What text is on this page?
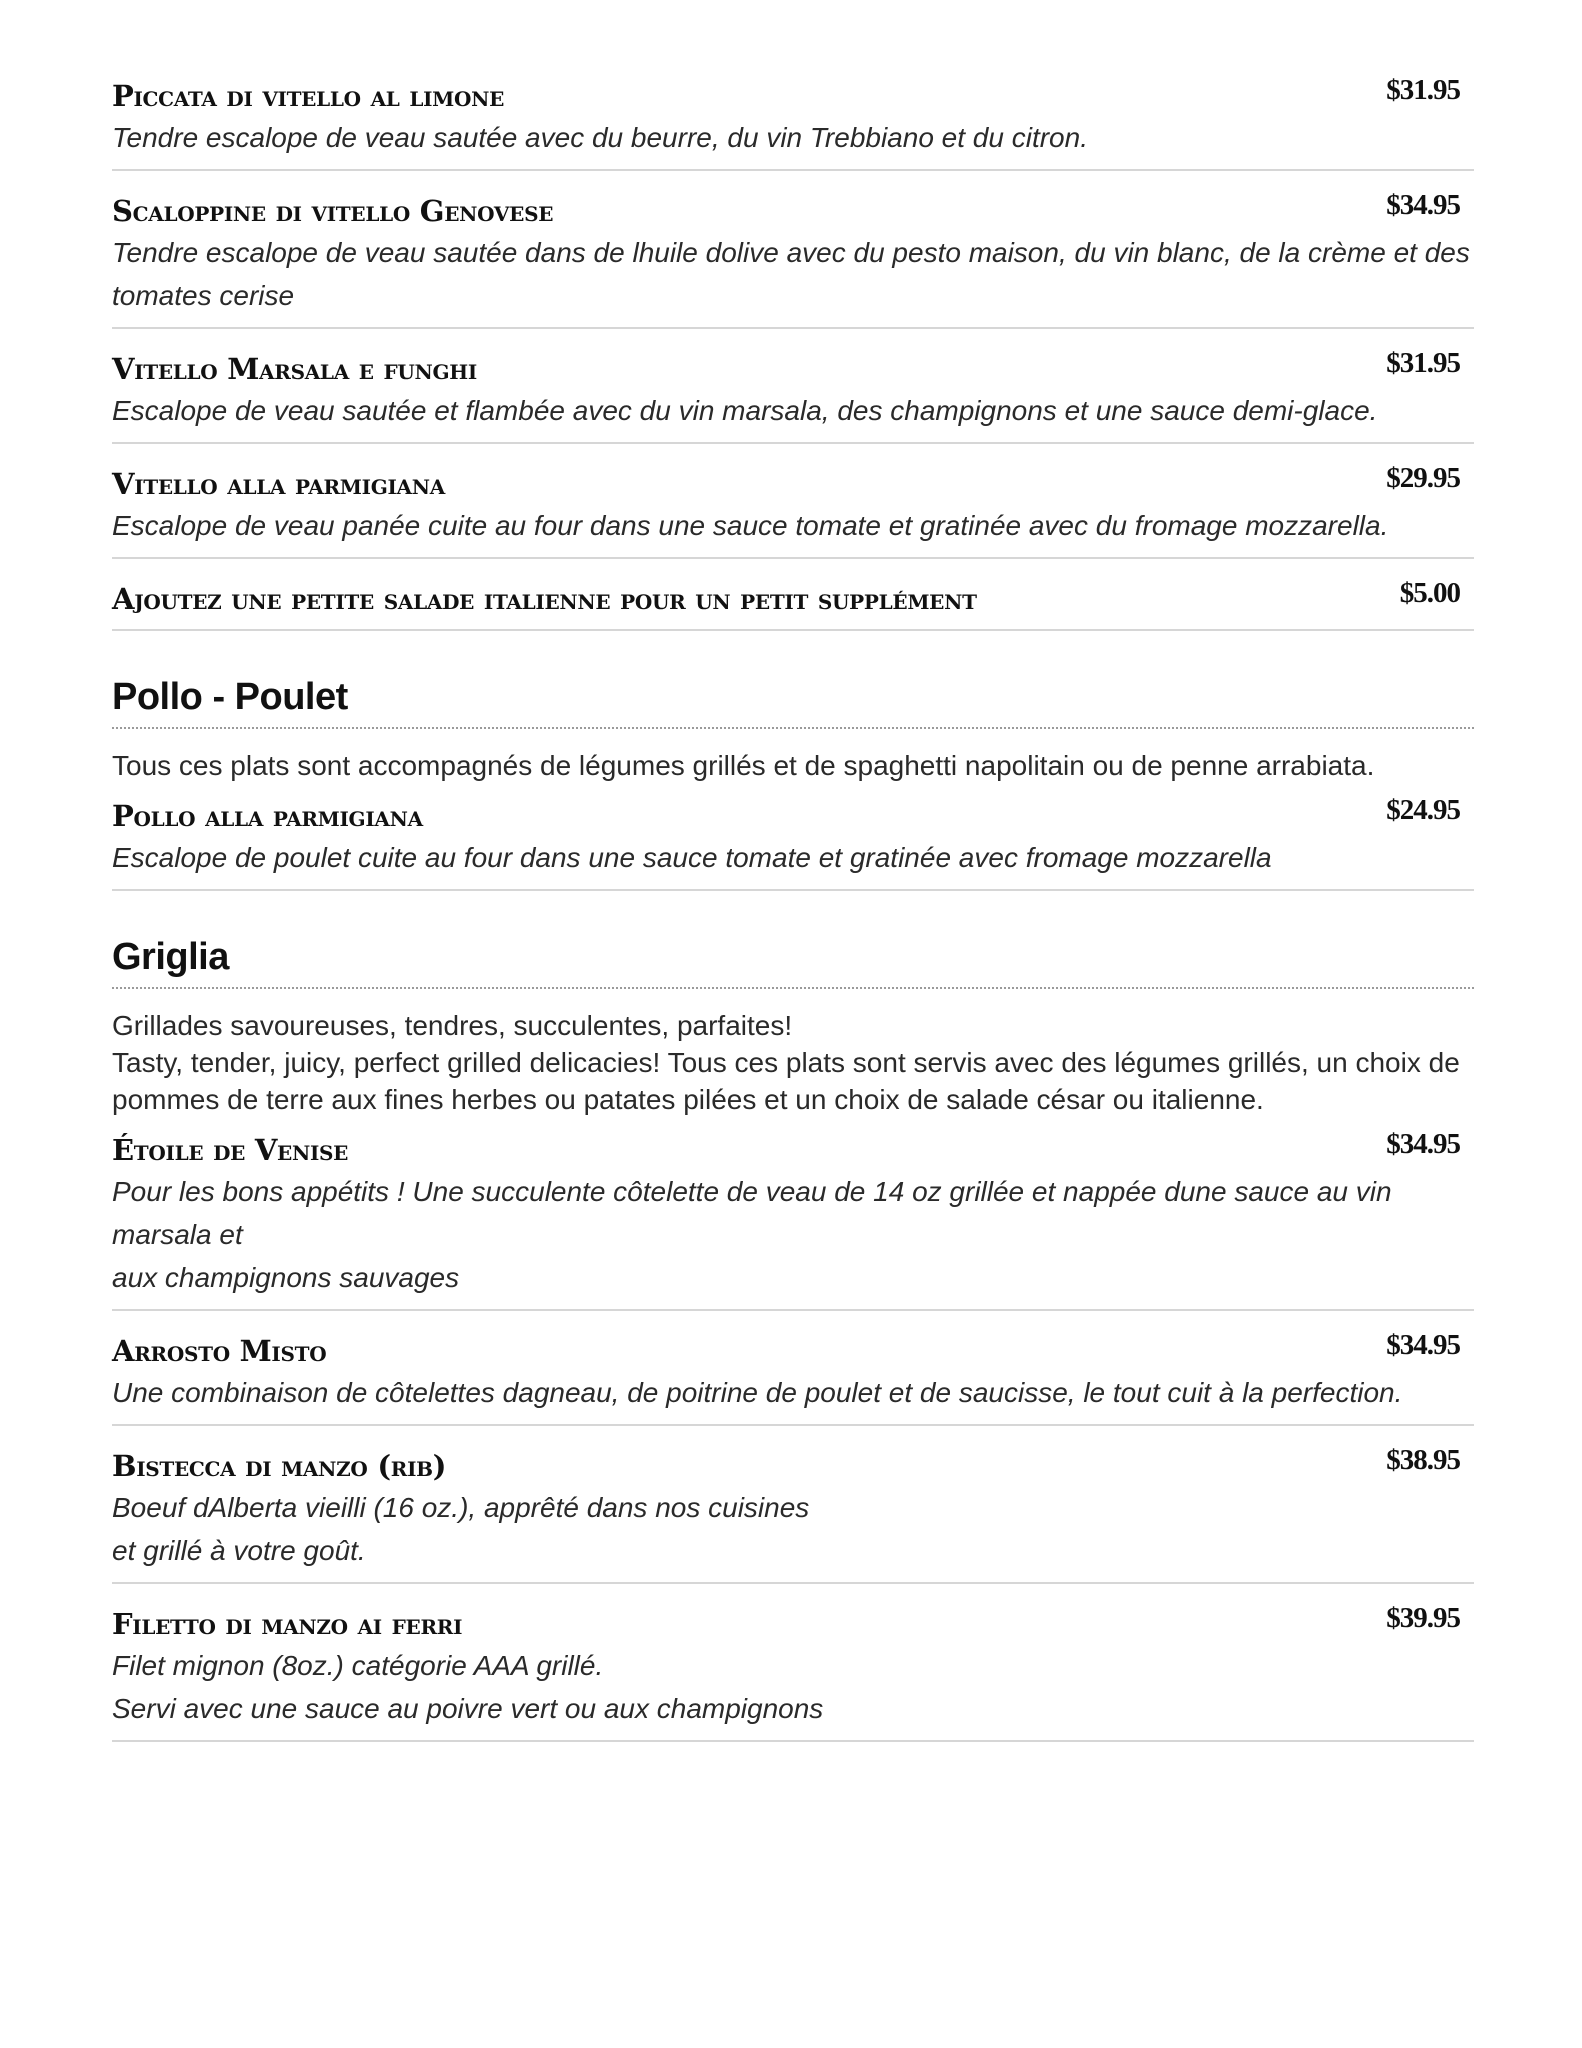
Piccata di vitello al limone	$31.95
Tendre escalope de veau sautée avec du beurre, du vin Trebbiano et du citron.
Scaloppine di vitello Genovese	$34.95
Tendre escalope de veau sautée dans de lhuile dolive avec du pesto maison, du vin blanc, de la crème et des tomates cerise
Vitello Marsala e funghi	$31.95
Escalope de veau sautée et flambée avec du vin marsala, des champignons et une sauce demi-glace.
Vitello alla parmigiana	$29.95
Escalope de veau panée cuite au four dans une sauce tomate et gratinée avec du fromage mozzarella.
Ajoutez une petite salade italienne pour un petit supplément	$5.00
Pollo - Poulet
Tous ces plats sont accompagnés de légumes grillés et de spaghetti napolitain ou de penne arrabiata.
Pollo alla parmigiana	$24.95
Escalope de poulet cuite au four dans une sauce tomate et gratinée avec fromage mozzarella
Griglia
Grillades savoureuses, tendres, succulentes, parfaites!
Tasty, tender, juicy, perfect grilled delicacies! Tous ces plats sont servis avec des légumes grillés, un choix de pommes de terre aux fines herbes ou patates pilées et un choix de salade césar ou italienne.
Étoile de Venise	$34.95
Pour les bons appétits ! Une succulente côtelette de veau de 14 oz grillée et nappée dune sauce au vin marsala et
aux champignons sauvages
Arrosto Misto	$34.95
Une combinaison de côtelettes dagneau, de poitrine de poulet et de saucisse, le tout cuit à la perfection.
Bistecca di manzo (rib)	$38.95
Boeuf dAlberta vieilli (16 oz.), apprêté dans nos cuisines
et grillé à votre goût.
Filetto di manzo ai ferri	$39.95
Filet mignon (8oz.) catégorie AAA grillé.
Servi avec une sauce au poivre vert ou aux champignons
